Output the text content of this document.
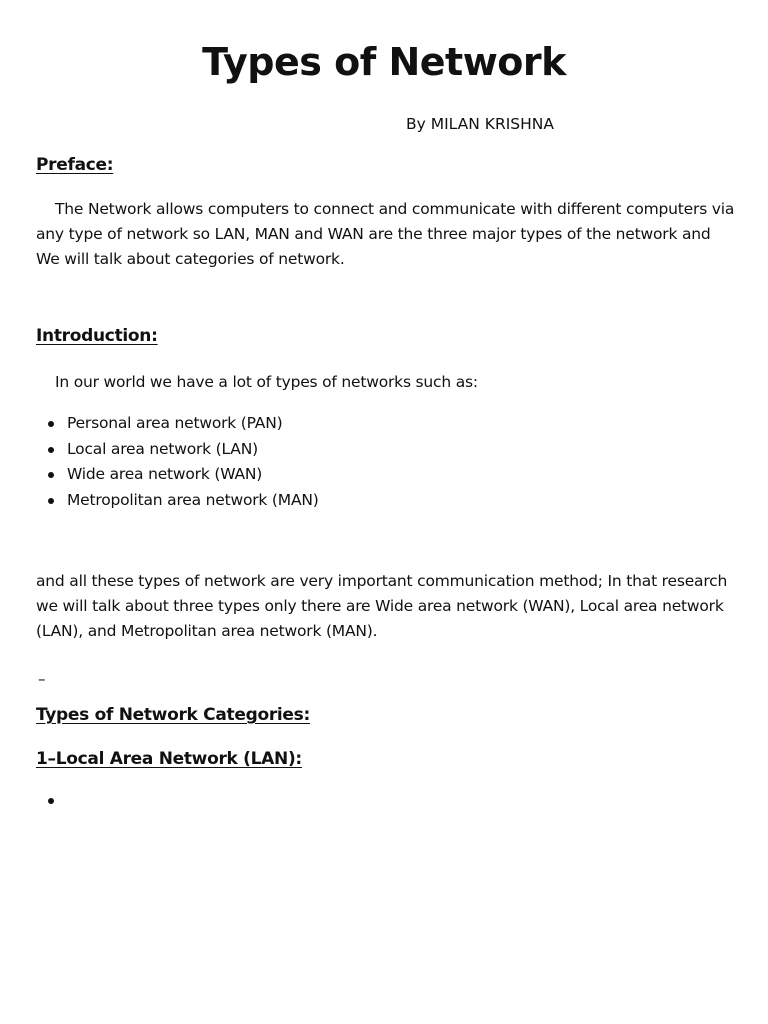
Types of Network

By MILAN KRISHNA

Preface:

The Network allows computers to connect and communicate with different computers via any type of network so LAN, MAN and WAN are the three major types of the network and We will talk about categories of network.

Introduction:

In our world we have a lot of types of networks such as:

Personal area network (PAN)
Local area network (LAN)
Wide area network (WAN)
Metropolitan area network (MAN)

and all these types of network are very important communication method; In that research we will talk about three types only there are Wide area network (WAN), Local area network (LAN), and Metropolitan area network (MAN).

–

Types of Network Categories:
1–Local Area Network (LAN):
